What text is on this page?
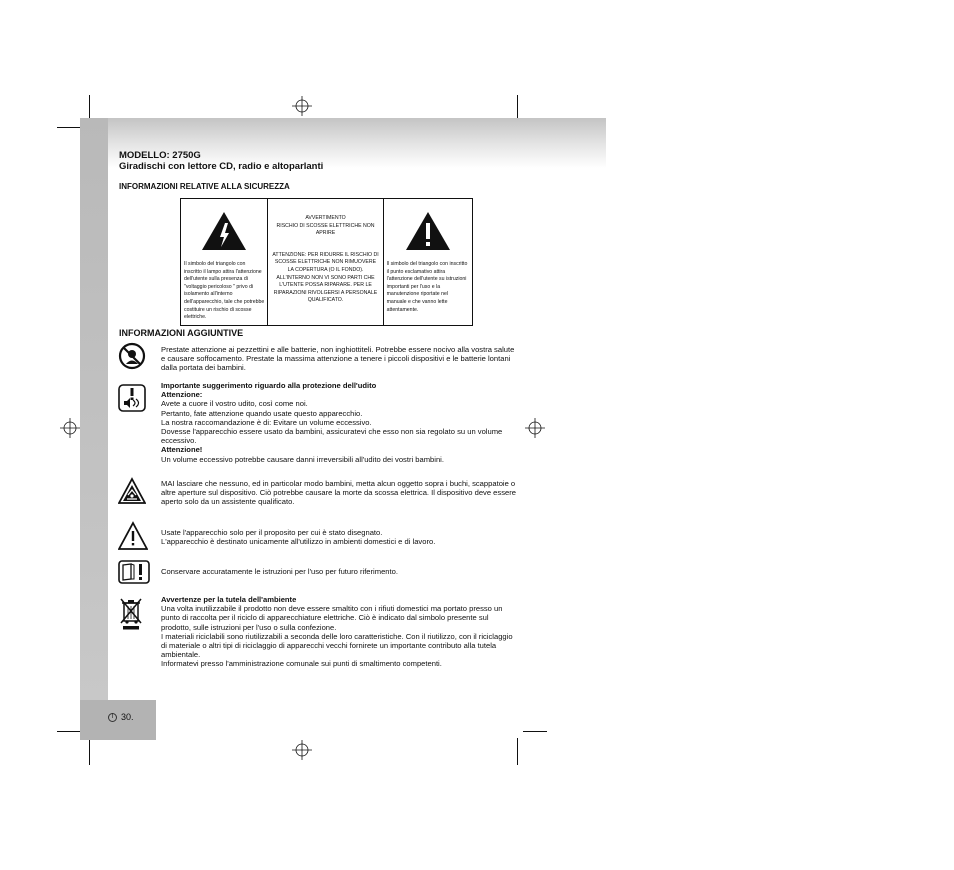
MODELLO: 2750G
Giradischi con lettore CD, radio e altoparlanti
INFORMAZIONI RELATIVE ALLA SICUREZZA
Il simbolo del triangolo con inscritto il lampo attira l'attenzione dell'utente sulla presenza di "voltaggio pericoloso " privo di isolamento all'interno dell'apparecchio, tale che potrebbe costituire un rischio di scosse elettriche.
AVVERTIMENTO
RISCHIO DI SCOSSE ELETTRICHE NON APRIRE
ATTENZIONE: PER RIDURRE IL RISCHIO DI SCOSSE ELETTRICHE NON RIMUOVERE LA COPERTURA (O IL FONDO). ALL'INTERNO NON VI SONO PARTI CHE L'UTENTE POSSA RIPARARE. PER LE RIPARAZIONI RIVOLGERSI A PERSONALE QUALIFICATO.
Il simbolo del triangolo con inscritto il punto esclamativo attira l'attenzione dell'utente su istruzioni importanti per l'uso e la manutenzione riportate nel manuale e che vanno lette attentamente.
INFORMAZIONI AGGIUNTIVE
Prestate attenzione ai pezzettini e alle batterie, non inghiottiteli. Potrebbe essere nocivo alla vostra salute e causare soffocamento. Prestate la massima attenzione a tenere i piccoli dispositivi e le batterie lontani dalla portata dei bambini.

Importante suggerimento riguardo alla protezione dell'udito

Attenzione:

Avete a cuore il vostro udito, così come noi.

Pertanto, fate attenzione quando usate questo apparecchio.

La nostra raccomandazione è di: Evitare un volume eccessivo.

Dovesse l'apparecchio essere usato da bambini, assicuratevi che esso non sia regolato su un volume eccessivo.

Attenzione!

Un volume eccessivo potrebbe causare danni irreversibili all'udito dei vostri bambini.

MAI lasciare che nessuno, ed in particolar modo bambini, metta alcun oggetto sopra i buchi, scappatoie o altre aperture sul dispositivo. Ciò potrebbe causare la morte da scossa elettrica. Il dispositivo deve essere aperto solo da un assistente qualificato.

Usate l'apparecchio solo per il proposito per cui è stato disegnato.

L'apparecchio è destinato unicamente all'utilizzo in ambienti domestici e di lavoro.

Conservare accuratamente le istruzioni per l'uso per futuro riferimento.

Avvertenze per la tutela dell'ambiente

Una volta inutilizzabile il prodotto non deve essere smaltito con i rifiuti domestici ma portato presso un punto di raccolta per il riciclo di apparecchiature elettriche. Ciò è indicato dal simbolo presente sul prodotto, sulle istruzioni per l'uso o sulla confezione.

I materiali riciclabili sono riutilizzabili a seconda delle loro caratteristiche. Con il riutilizzo, con il riciclaggio di materiale o altri tipi di riciclaggio di apparecchi vecchi fornirete un importante contributo alla tutela ambientale.

Informatevi presso l'amministrazione comunale sui punti di smaltimento competenti.

I 30.
